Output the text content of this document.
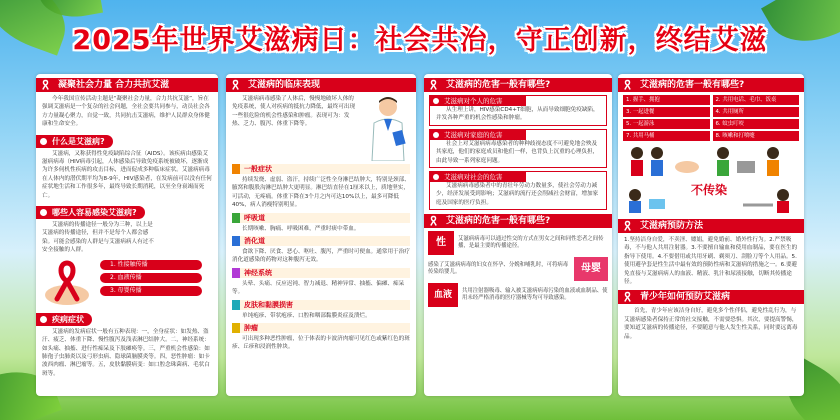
2025年世界艾滋病日：社会共治，守正创新，终结艾滋
凝聚社会力量 合力共抗艾滋

今年我国宣传活动主题是“凝聚社会力量，合力共抗艾滋”，旨在强调艾滋病是一个复杂的社会问题，全社会要共同参与，动员社会各方力量凝心聚力，自觉一致，共同抗击艾滋病，维护人民群众身体健康和生命安全。

什么是艾滋病?

艾滋病，又称获得性免疫缺陷综合征（AIDS）。该疾病由感染艾滋病病毒（HIV病毒引起，人体感染后导致免疫系统被破坏，逐渐成为许多伺机性疾病的攻击目标，进而促成多种临床症状。艾滋病病毒在人体内的潜伏期平均为8-9年，HIV感染者，在发病前可以没有任何症状地生活和工作很多年，最终导致长期消耗，以至全身衰竭而死亡。

哪些人容易感染艾滋病?

艾滋病的传播途径一般分为三种，以上是艾滋病的传播途径，但并不是每个人都会感染。可能会感染的人群是与艾滋病病人有过不安全接触的人群。

1. 性接触传播
2. 血液传播
3. 母婴传播
疾病症状

艾滋病的发病症状一般有五种表现：一，全身症状：如发热、盗汗、疲乏、体重下降、慢性腹泻及浅表淋巴结肿大。二，神经系统：如头痛、抽搐、进行性痴呆及下肢瘫痪等。三，严重机会性感染：如肺孢子虫肺炎以及弓形虫病、隐球菌脑膜炎等。四，恶性肿瘤：如卡波西肉瘤、淋巴瘤等。五，皮肤黏膜病变：如口腔念珠菌病、毛状白斑等。

艾滋病的临床表现

艾滋病病毒感染了人体后，慢慢地破坏人体的免疫系统，使人对疾病的抵抗力降低，最终可出现一些很危险的机会性感染和肿瘤。表现可为：发热、乏力、腹泻、体重下降等。

一般症状

持续发烧、虚弱、盗汗，持续广泛性全身淋巴结肿大，特别是颈部、腋窝和腹股沟淋巴结肿大更明显。淋巴结直径在1厘米以上，质地坚实，可活动，无疼痛。体重下降在3个月之内可达10%以上，最多可降低40%，病人消瘦特别明显。

呼吸道

长期咳嗽、胸痛、呼吸困难，严重时痰中带血。

消化道

食欲下降、厌食、恶心、呕吐、腹泻，严重时可便血。通常用于治疗消化道感染的药物对这种腹泻无效。

神经系统

头晕、头痛、反应迟钝、智力减退、精神异常、抽搐、偏瘫、痴呆等。

皮肤和黏膜损害

单纯疱疹、带状疱疹、口腔和咽部黏膜炎症及溃烂。

肿瘤

可出现多种恶性肿瘤，位于体表的卡波济肉瘤可见红色或紫红色的斑疹、丘疹和浸润性肿块。

艾滋病的危害一般有哪些?
艾滋病对个人的危害

从生理上讲，HIV感染CD4+T细胞，从而导致细胞免疫缺陷，并发各种严重的机会性感染和肿瘤。

艾滋病对家庭的危害

社会上对艾滋病病毒感染者的种种歧视态度不可避免地会殃及其家庭，他们的家庭成员和他们一样，也背负上沉重的心理负担，由此导致一系列家庭问题。

艾滋病对社会的危害

艾滋病病毒感染者中的青壮年劳动力数量多，使社会劳动力减少，经济发展受到影响；艾滋病的流行还会削减社会财富，增加家庭及国家的医疗负担。

艾滋病的危害一般有哪些?
性	艾滋病病毒可以通过性交的方式在男女之间和同性恋者之间传播，是最主要的传播途径。
感染了艾滋病病毒的妇女在怀孕、分娩和哺乳时，可将病毒传染给婴儿。	母婴
血液	共用注射器吸毒、输入被艾滋病病毒污染的血液或血制品、使用未经严格消毒的医疗器械等均可导致感染。
艾滋病的危害一般有哪些?
1. 握手、拥抱	2. 共用电话、毛巾、饭桌
3. 一起进餐	4. 共用厕所
5. 一起游泳	6. 蚊虫叮咬
7. 共用马桶	8. 咳嗽和打喷嚏
不传染
艾滋病预防方法

1.坚持洁身自爱，不卖淫、嫖娼，避免婚前、婚外性行为。2.严禁吸毒，不与他人共用注射器。3.不要擅自输血和使用血制品，要在医生的指导下使用。4.不要借用或共用牙刷、剃须刀、刮脸刀等个人用品。5.使用避孕套是性生活中最有效的预防性病和艾滋病的措施之一。6.要避免直接与艾滋病病人的血液、精液、乳汁和尿液接触，切断其传播途径。

青少年如何预防艾滋病

首先，青少年应该洁身自好，避免多个性伴侣，避免性乱行为，与艾滋病感染者保持正常的社交接触，不需要恐惧。其次，要提高警惕，要知道艾滋病的传播途径，不要随意与他人发生性关系，同时要远离毒品。
